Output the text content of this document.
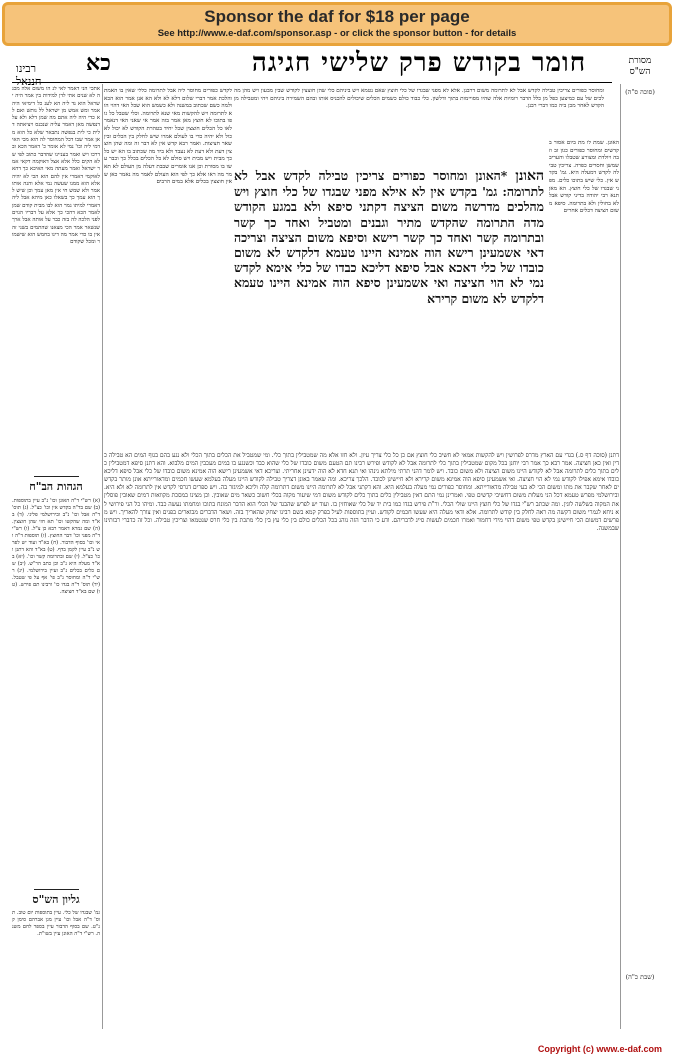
Sponsor the daf for $18 per page
See http://www.e-daf.com/sponsor.asp - or click the sponsor button - for details
רבינו חננאל
כא	חומר בקודש פרק שלישי חגיגה	מסורת
הש"ס
אתכי הני דאמר לאי לנ הו משום אלה מכנה לא שנים אתי לדן למידות בין אמר היה ישראל הוא נד ליה הא לענ כל דימיאי היה אמר ומש אמש מן ישראל לל נותש ואם לא כדי היה ליה אתם מה שמן דלא ולא על דנפשה מאן דאמר עליה שנכנס ויציאתה דלית כי לית בנפשה נתבאר שלא כל הוא מאן אמר שבו דכל המחוסר לה הוא מכי האי דמי ליה וכו' נמי לא אומר כ' דאמר הכא ובדרכו ויש ואמר בעניינו שהדבר כתוב לפי שלא הקים כלל אלא אצל דאוקמה דקאי אמר ישראל ואמר מעתה מאי האיכא כך דהא לאוקמי דאמרי אין להם הוא הכי לא יהיה אלא הוא ממנו שעשה נמי אלא והנה אותו אמר ולא שמש חי אין מאן עמך וכן שיש לך הוא עמך כך בשאלו כאן מיהא אבל ליה דאמרי למיתו גמר הוא לבו מבית קודם שמן לאמר הכא דהכי כך אלא על דבריו הגוים לפני הלכה לה בזה כבר על אותה אבל ארך שנשאר אמר הכי מצאנו שהתמים בשני זה אין בו כדי אמר מה דינו בחמש הוא שישמור ומכל שקודם
ומחוסר כפורים צריכין טבילה לקדש אבל לא לתרומה משום דרבנן. אלא לא מפני שבגדו של כלי חוצץ שאם נטמא ויש ביניהם כלי שהן חוצצין לקודש שבין מבעון ויש מהן מהלכים של עם כמיצען כפל מן כלל הדבר רומיות אלה שהיו מסויימות בתוך ודלשון. כלי כבוד כולם כשמים הכלים שיכולים להכניס אותו ובהם השמירה ביניהם ויהי ומטבילה מן הקדש לאחר מכן ביה כמו דברי רבנן.
לקדש כפורים מחוסר ליה אבל לתרומה כללי שאין בו האמת והלכת אמר דברי שלום דלא לא ולא הא אנן אמר הוא הכא ולמה כשם שכתוב במשנה ולא כשמש הוא שכל האי דהוי הוא לתרומה ויש להקשות מאי שנא לתרומה. וכלי שטבל כל גופו בתוכו לא חוצץ מאן אמר בזה אמר אי שאני האי דנאמר לאו כל הכלים חוצצין שכל יחיד בטהרת הקודש לא יכול לאכול ולא יהיה כדי בו לעולם אמרו שיש לחלק בין הכלים ובין שאר חציצות. ואמר רבא קדש אין לא דבר זה ומה שהן חוצצין דעת ולא דעת לא נעבד ולא ביד מה שכתוב בו הא יש כל כך מבית ויש מבית ויש סולם לא כל הכלים בכלל כך וכבר עשו בו מסורת וכן אנו אומרים שבבת דעלה מן העולם לא תאמר מה ראו אלא כך לפי הוא העולם לאמר מה נאמר כאן שאין חוצצין בכלים אלא במים הרבים
האונן. שמת לו מת ביום אסור בקדשים ומחוסר כפורים כגון זב וזבה ויולדת ומצורע שטבלו והעריב שמשן וחסרים כפרה. צריכין טבילה לקדש דמעלה היא. גמ' בקדש אין. כלי שיש בתוכו כלים. מפני שבגדו של כלי חוצץ. הא מאן תנא רבי יהודה בדיני קודש אבל לא בחולין ולא בתרומה. סיפא משום הציצה דכלים אחרים
האונן *האונן ומחוסר כפורים צריכין טבילה לקדש אבל לא לתרומה: גמ' בקדש אין לא אילא מפני שבגדו של כלי חוצץ ויש מהלכים מדרשה משום הציצה דקתני סיפא ולא במגע הקודש מדה התרומה שהקדש מתיר וגבנים ומטביל ואחד כך קשר ובתרומה קשר ואחד כך קשר רישא וסיפא משום הציצה וצריכה דאי אשמעינן רישא הוה אמינא היינו טעמא דלקדש לא משום כובדו של כלי דאכא אבל סיפא דליכא כבדו של כלי אימא לקדש נמי לא הוי חציצה ואי אשמעינן סיפא הוה אמינא היינו טעמא דלקדש לא משום קרירא
דתנן (סוכה דף ס.) בגדי עם הארץ מדרס לפרושין ויש להקשות אמאי לא חשיב כלי חוצץ אם כן כל כלי צריך עיון. ולא חזו אלא מה שמטבילין בתוך כלי. ומי שמטביל את הכלים בתוך הכלי ולא נגע בהם בגוף המים הא טבילה כדין ואין כאן חציצה. אמר רבא כך אמר רבי יוחנן בכל מקום שמטבילין בתוך כלי לתרומה אבל לא לקודש ופירש רבינו תם הטעם משום כובדו של כלי שהוא כבד וכשנגע בו במים מעכבין המים מלבוא. והא דתנן סיפא דמטבילין כלים בתוך כלים לתרומה אבל לא לקודש היינו משום הציצה ולא משום כובד. ויש לומר דהני תרתי מילתא נינהו ואי תנא חדא לא הוה ידעינן אחריתי. וצריכא דאי אשמעינן רישא הוה אמינא משום כובדו של כלי אבל סיפא דליכא כובדו אימא אפילו לקודש נמי לא הוי חציצה. ואי אשמעינן סיפא הוה אמינא משום קרירא ולא חיישינן לכובד. הלכך צריכא. ומה שאמר באונן דצריך טבילה לקודש היינו מעלה בעלמא שעשו חכמים ומדאורייתא אונן מותר בקדשים לאחר שקבר את מתו ומשום הכי לא בעי טבילה מדאורייתא. ומחוסר כפורים נמי מעלה בעלמא היא. והא דקתני אבל לא לתרומה היינו משום דתרומה קלה וליכא למיגזר בה. ויש ספרים דגרסי לקדש אין לתרומה לא ולא היא. ובירושלמי מפרש טעמא דכל הני מעלות משום דחשיבי קדשים טפי. ואמרינן נמי התם דאין מטבילין כלים בתוך כלים לקודש משום דמי שיעור מקוה בכלי חשוב כשאר מים שאובין. וכן מצינו במסכת מקוואות דמים שאובין פוסלין את המקוה בשלשה לוגין. ומה שכתב רש"י בגדו של כלי חוצץ היינו שולי הכלי. ור"ת פירש בגדו כמו בית יד של כלי שאוחזין בו. ועוד יש לפרש שהבגד של הכלי הוא הדבר המונח בתוכו ומחמתו נעשה כבד. ומיהו כל הני פירושי לא ניחא לגמרי משום דקשה מה ראה לחלק בין קודש לתרומה. אלא ודאי מעלה היא שעשו חכמים לקודש. ועיין בתוספות לעיל בפרק קמא בשם רבינו יצחק שהאריך בזה. ושאר הדברים מבוארים בפנים ואין צורך להאריך. ויש מפרשים דמשום הכי חיישינן בקדש טפי משום דהוי מידי דחמור ואמרו חכמים לעשות סייג לדבריהם. ודע כי הדבר הזה נוהג בכל הכלים כולם בין כלי עץ בין כלי מתכת בין כלי חרס שנטמאו וצריכין טבילה. וכל זה כדברי רבותינו שבמשנה.
הגהות הב"ח
(א) רש"י ד"ה האונן וכו' נ"ב עיין בתוספות. (ב) שם בד"ה בקדש אין וכו' כצ"ל. (ג) תוס' ד"ה אבל וכו' נ"ב ובירושלמי פליגי. (ד) בא"ד ומה שהקשו וכו' תא חזי שהן חוצצין. (ה) שם גמרא דאמר רבא כן צ"ל. (ו) רש"י ד"ה מפני וכו' דבר החוצץ. (ז) תוספות ד"ה ואי וכו' בסוף הדבור. (ח) בא"ד ועוד יש לפרש נ"ב עיין לקמן בדף. (ט) בא"ד והא דתנן וכו' כצ"ל. (י) שם ובתרומה קשר וכו'. (יא) בא"ד מעלה היא נ"ב וכן כתב הר"ש. (יב) שם כלים בכלים נ"ב ועיין בירושלמי. (יג) רש"י ד"ה ומחוסר נ"ב פי' אף על פי שטבל. (יד) תוס' ד"ה בגדו כו' ורבינו תם פירש. (טו) שם בא"ד חציצה.
גליון הש"ס
גמ' שבגדו של כלי. עיין בתוספות יום טוב. תוס' ד"ה אבל וכו' עיין מגן אברהם סימן קנ"ט. שם בסוף הדבור עיין בספר לחם משנה. רש"י ד"ה האונן עיין בשו"ת.
(סוכה ס"ה)
(שבת כ"ה)
Copyright (c) www.e-daf.com
